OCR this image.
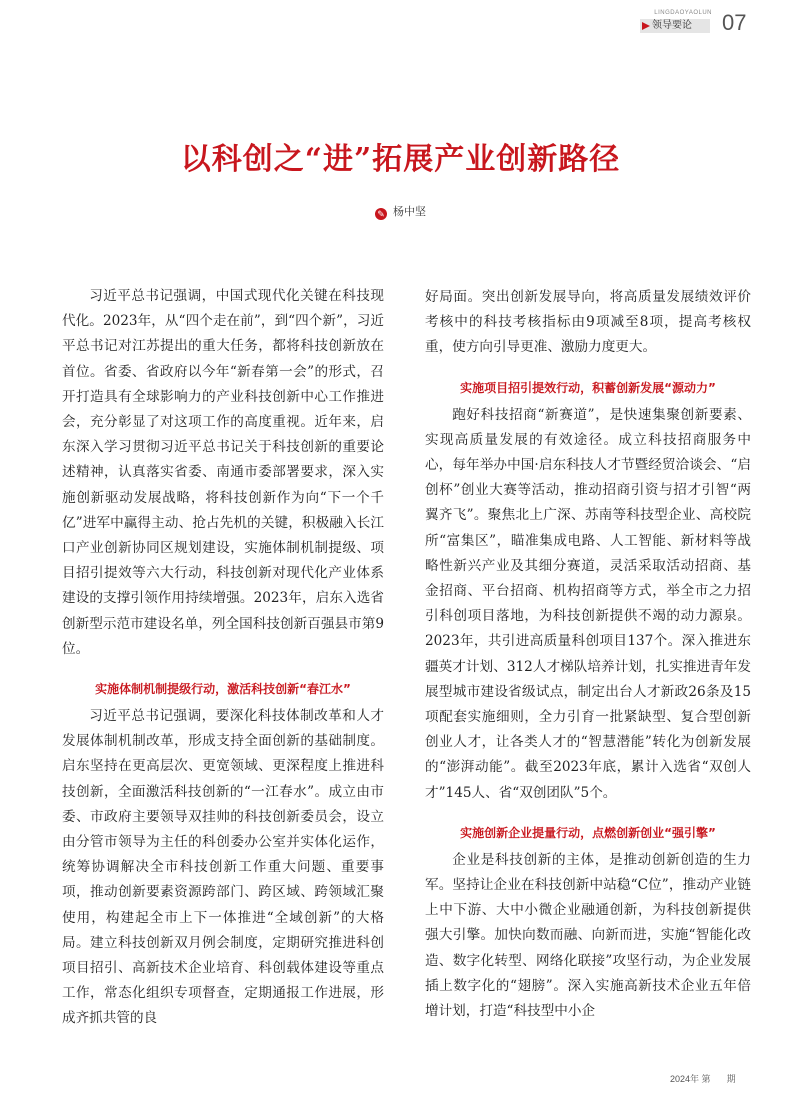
LINGDAOYAOLUN
领导要论	07
以科创之“进”拓展产业创新路径
✎ 杨中坚

习近平总书记强调，中国式现代化关键在科技现代化。2023年，从“四个走在前”，到“四个新”，习近平总书记对江苏提出的重大任务，都将科技创新放在首位。省委、省政府以今年“新春第一会”的形式，召开打造具有全球影响力的产业科技创新中心工作推进会，充分彰显了对这项工作的高度重视。近年来，启东深入学习贯彻习近平总书记关于科技创新的重要论述精神，认真落实省委、南通市委部署要求，深入实施创新驱动发展战略，将科技创新作为向“下一个千亿”进军中赢得主动、抢占先机的关键，积极融入长江口产业创新协同区规划建设，实施体制机制提级、项目招引提效等六大行动，科技创新对现代化产业体系建设的支撑引领作用持续增强。2023年，启东入选省创新型示范市建设名单，列全国科技创新百强县市第9位。

实施体制机制提级行动，激活科技创新“春江水”

习近平总书记强调，要深化科技体制改革和人才发展体制机制改革，形成支持全面创新的基础制度。启东坚持在更高层次、更宽领域、更深程度上推进科技创新，全面激活科技创新的“一江春水”。成立由市委、市政府主要领导双挂帅的科技创新委员会，设立由分管市领导为主任的科创委办公室并实体化运作，统筹协调解决全市科技创新工作重大问题、重要事项，推动创新要素资源跨部门、跨区域、跨领域汇聚使用，构建起全市上下一体推进“全域创新”的大格局。建立科技创新双月例会制度，定期研究推进科创项目招引、高新技术企业培育、科创载体建设等重点工作，常态化组织专项督查，定期通报工作进展，形成齐抓共管的良

好局面。突出创新发展导向，将高质量发展绩效评价考核中的科技考核指标由9项减至8项，提高考核权重，使方向引导更准、激励力度更大。

实施项目招引提效行动，积蓄创新发展“源动力”

跑好科技招商“新赛道”，是快速集聚创新要素、实现高质量发展的有效途径。成立科技招商服务中心，每年举办中国·启东科技人才节暨经贸洽谈会、“启创杯”创业大赛等活动，推动招商引资与招才引智“两翼齐飞”。聚焦北上广深、苏南等科技型企业、高校院所“富集区”，瞄准集成电路、人工智能、新材料等战略性新兴产业及其细分赛道，灵活采取活动招商、基金招商、平台招商、机构招商等方式，举全市之力招引科创项目落地，为科技创新提供不竭的动力源泉。2023年，共引进高质量科创项目137个。深入推进东疆英才计划、312人才梯队培养计划，扎实推进青年发展型城市建设省级试点，制定出台人才新政26条及15项配套实施细则，全力引育一批紧缺型、复合型创新创业人才，让各类人才的“智慧潜能”转化为创新发展的“澎湃动能”。截至2023年底，累计入选省“双创人才”145人、省“双创团队”5个。

实施创新企业提量行动，点燃创新创业“强引擎”

企业是科技创新的主体，是推动创新创造的生力军。坚持让企业在科技创新中站稳“C位”，推动产业链上中下游、大中小微企业融通创新，为科技创新提供强大引擎。加快向数而融、向新而进，实施“智能化改造、数字化转型、网络化联接”攻坚行动，为企业发展插上数字化的“翅膀”。深入实施高新技术企业五年倍增计划，打造“科技型中小企

2024年 第 期
